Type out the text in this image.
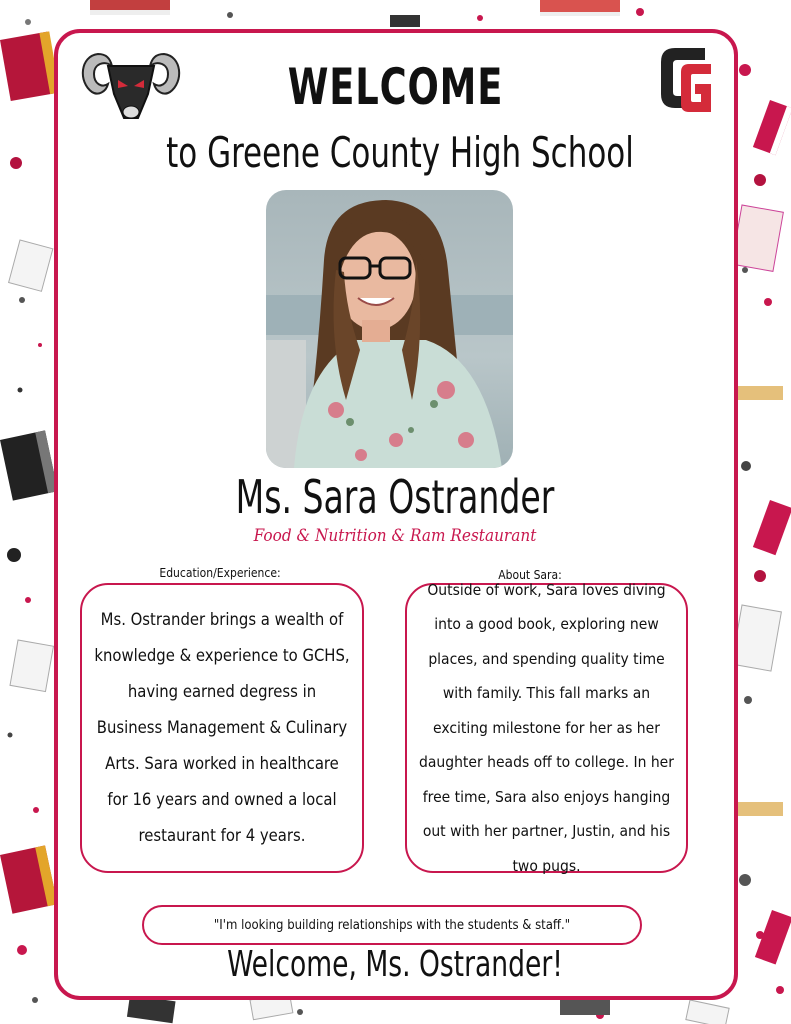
WELCOME
to Greene County High School
Ms. Sara Ostrander
Food & Nutrition & Ram Restaurant
Education/Experience:	About Sara:
Ms. Ostrander brings a wealth of knowledge & experience to GCHS, having earned degress in Business Management & Culinary Arts. Sara worked in healthcare for 16 years and owned a local restaurant for 4 years.
Outside of work, Sara loves diving into a good book, exploring new places, and spending quality time with family. This fall marks an exciting milestone for her as her daughter heads off to college. In her free time, Sara also enjoys hanging out with her partner, Justin, and his two pugs.
"I'm looking building relationships with the students & staff."
Welcome, Ms. Ostrander!
